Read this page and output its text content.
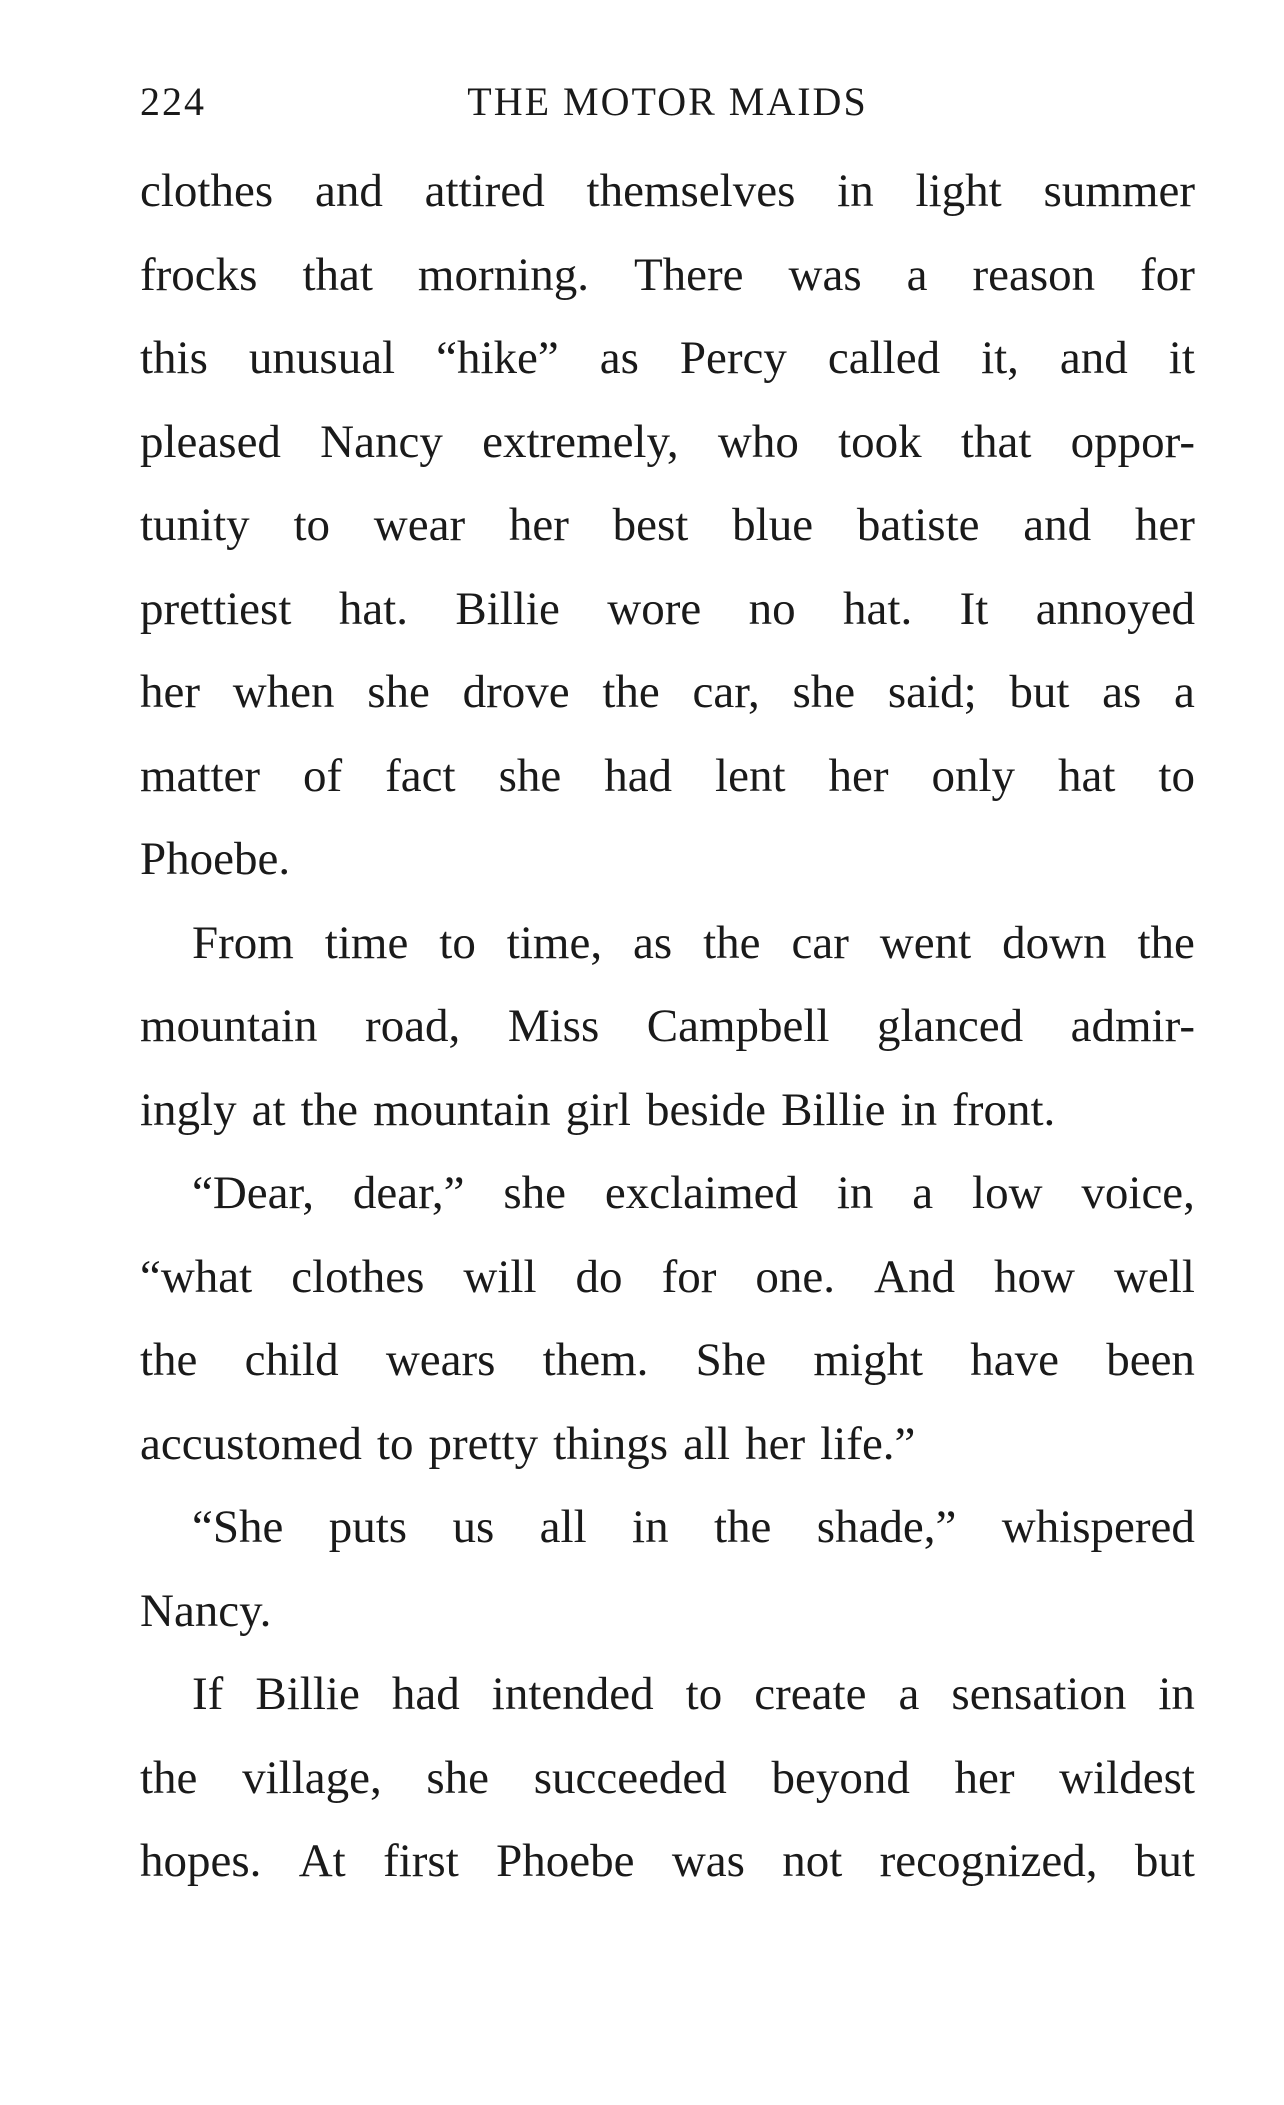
224	THE MOTOR MAIDS
clothes and attired themselves in light summer
frocks that morning. There was a reason for
this unusual “hike” as Percy called it, and it
pleased Nancy extremely, who took that oppor-
tunity to wear her best blue batiste and her
prettiest hat. Billie wore no hat. It annoyed
her when she drove the car, she said; but as a
matter of fact she had lent her only hat to
Phoebe.
From time to time, as the car went down the
mountain road, Miss Campbell glanced admir-
ingly at the mountain girl beside Billie in front.
“Dear, dear,” she exclaimed in a low voice,
“what clothes will do for one. And how well
the child wears them. She might have been
accustomed to pretty things all her life.”
“She puts us all in the shade,” whispered
Nancy.
If Billie had intended to create a sensation in
the village, she succeeded beyond her wildest
hopes. At first Phoebe was not recognized, but
